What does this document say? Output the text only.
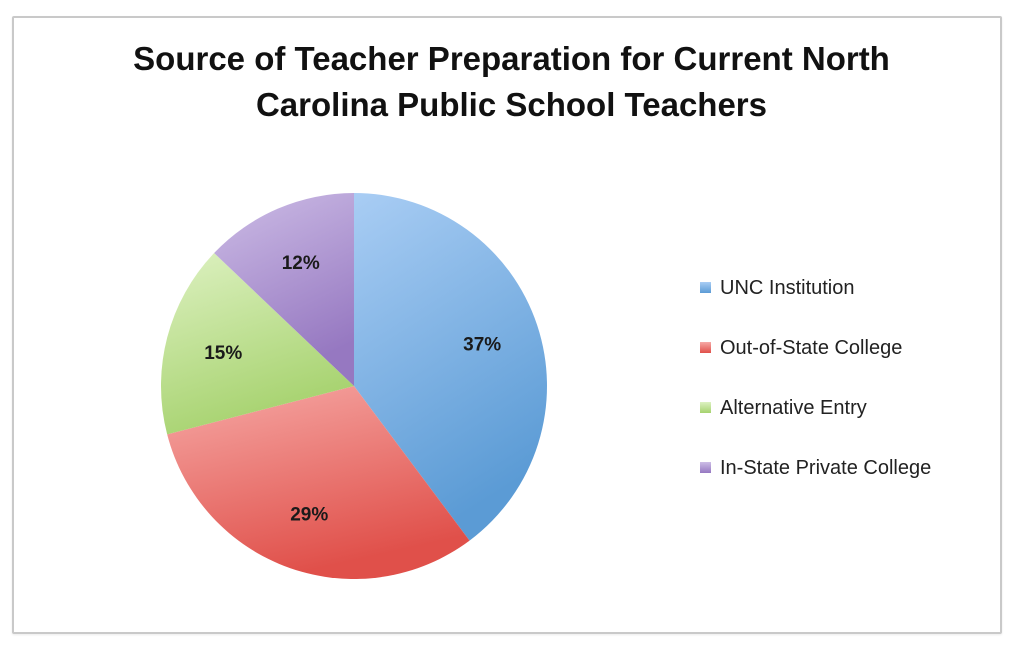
Source of Teacher Preparation for Current North
Carolina Public School Teachers
37%
29%
15%
12%
UNC Institution
Out-of-State College
Alternative Entry
In-State Private College
